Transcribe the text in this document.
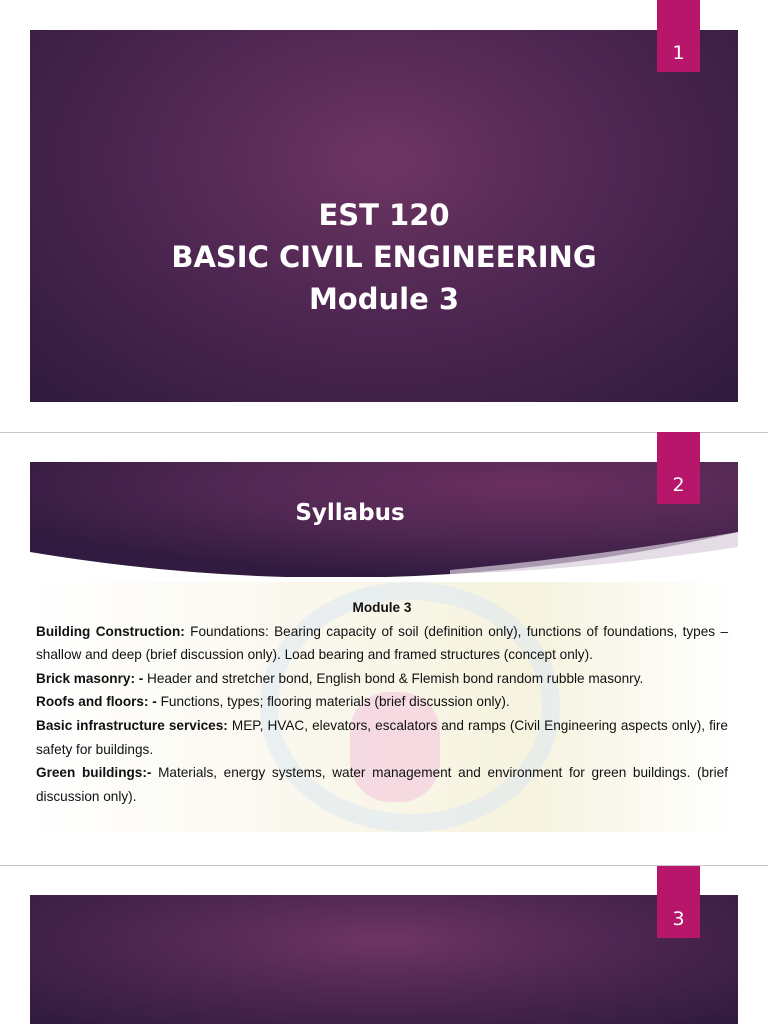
1
EST 120
BASIC CIVIL ENGINEERING
Module 3
2
Syllabus
Module 3
Building Construction: Foundations: Bearing capacity of soil (definition only), functions of foundations, types – shallow and deep (brief discussion only). Load bearing and framed structures (concept only).
Brick masonry: - Header and stretcher bond, English bond & Flemish bond random rubble masonry.
Roofs and floors: - Functions, types; flooring materials (brief discussion only).
Basic infrastructure services: MEP, HVAC, elevators, escalators and ramps (Civil Engineering aspects only), fire safety for buildings.
Green buildings:- Materials, energy systems, water management and environment for green buildings. (brief discussion only).
3
